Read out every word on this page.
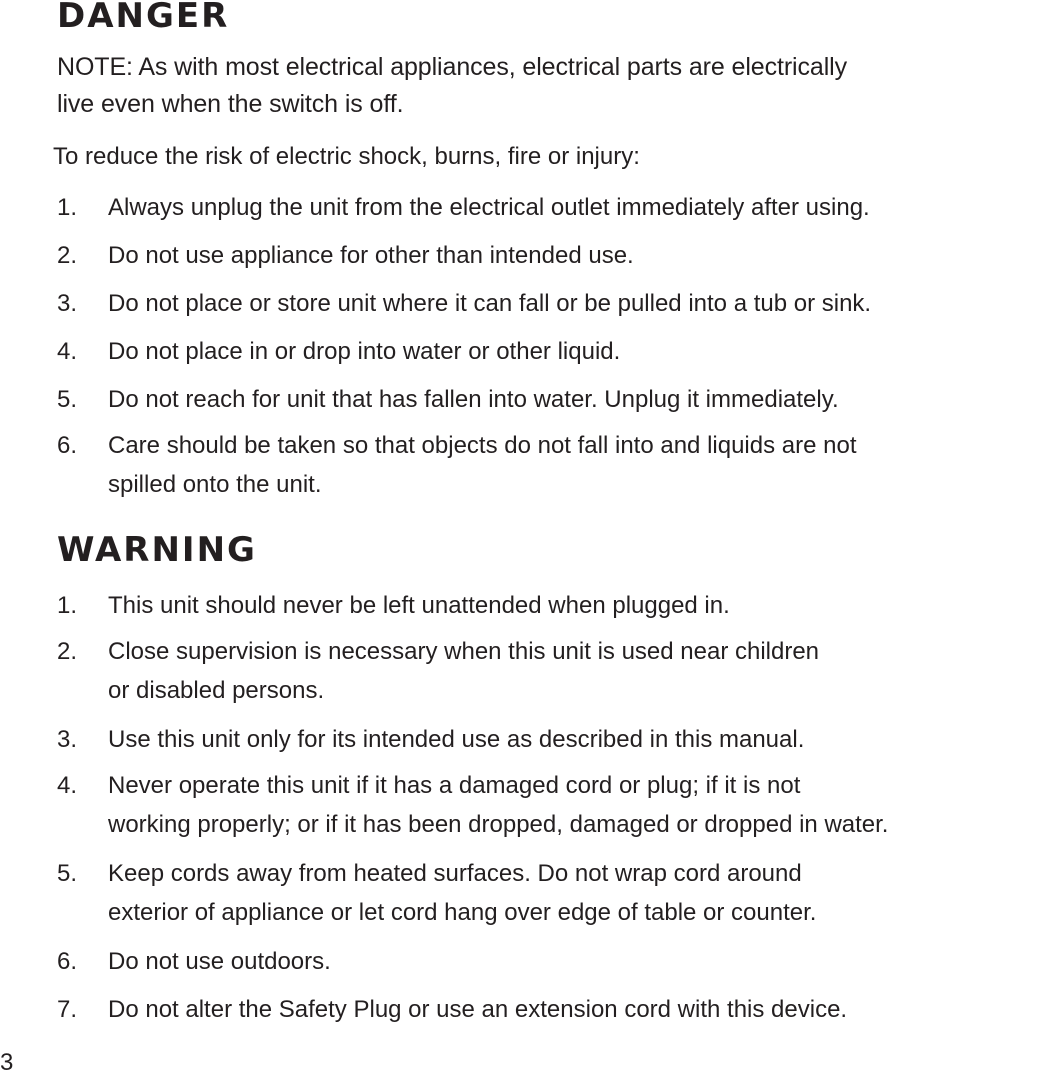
DANGER
NOTE: As with most electrical appliances, electrical parts are electrically
live even when the switch is off.
To reduce the risk of electric shock, burns, fire or injury:
1. Always unplug the unit from the electrical outlet immediately after using.
2. Do not use appliance for other than intended use.
3. Do not place or store unit where it can fall or be pulled into a tub or sink.
4. Do not place in or drop into water or other liquid.
5. Do not reach for unit that has fallen into water. Unplug it immediately.
6. Care should be taken so that objects do not fall into and liquids are not
spilled onto the unit.
WARNING
1. This unit should never be left unattended when plugged in.
2. Close supervision is necessary when this unit is used near children
or disabled persons.
3. Use this unit only for its intended use as described in this manual.
4. Never operate this unit if it has a damaged cord or plug; if it is not
working properly; or if it has been dropped, damaged or dropped in water.
5. Keep cords away from heated surfaces. Do not wrap cord around
exterior of appliance or let cord hang over edge of table or counter.
6. Do not use outdoors.
7. Do not alter the Safety Plug or use an extension cord with this device.
3
